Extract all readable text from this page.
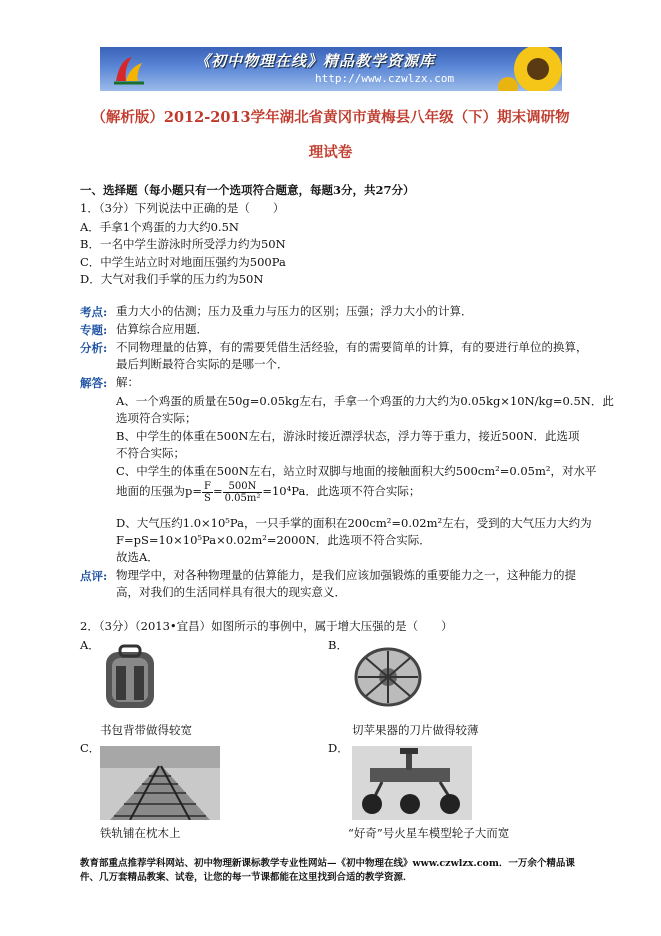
《初中物理在线》精品教学资源库
http://www.czwlzx.com
（解析版）2012-2013学年湖北省黄冈市黄梅县八年级（下）期末调研物
理试卷
一、选择题（每小题只有一个选项符合题意，每题3分，共27分）
1．（3分）下列说法中正确的是（　　）
A．手拿1个鸡蛋的力大约0.5N
B．一名中学生游泳时所受浮力约为50N
C．中学生站立时对地面压强约为500Pa
D．大气对我们手掌的压力约为50N
考点: 重力大小的估测；压力及重力与压力的区别；压强；浮力大小的计算．
专题: 估算综合应用题．
分析: 不同物理量的估算，有的需要凭借生活经验，有的需要简单的计算，有的要进行单位的换算，
最后判断最符合实际的是哪一个．
解答: 解：
A、一个鸡蛋的质量在50g=0.05kg左右，手拿一个鸡蛋的力大约为0.05kg×10N/kg=0.5N．此
选项符合实际；
B、中学生的体重在500N左右，游泳时接近漂浮状态，浮力等于重力，接近500N．此选项
不符合实际；
C、中学生的体重在500N左右，站立时双脚与地面的接触面积大约500cm²=0.05m²，对水平
地面的压强为$p= \frac{F}{S} = \frac{500N}{\text{0.05m²}} =10^4Pa$．此选项不符合实际；
D、大气压约1.0×10⁵Pa，一只手掌的面积在200cm²=0.02m²左右，受到的大气压力大约为
F=pS=10×10⁵Pa×0.02m²=2000N．此选项不符合实际．
故选A．
点评: 物理学中，对各种物理量的估算能力，是我们应该加强锻炼的重要能力之一，这种能力的提
高，对我们的生活同样具有很大的现实意义．
2．（3分）（2013•宜昌）如图所示的事例中，属于增大压强的是（　　）
A．	B．
书包背带做得较宽	切苹果器的刀片做得较薄
C．	D．
铁轨铺在枕木上	“好奇”号火星车模型轮子大而宽
教育部重点推荐学科网站、初中物理新课标教学专业性网站—《初中物理在线》www.czwlzx.com．一万余个精品课
件、几万套精品教案、试卷，让您的每一节课都能在这里找到合适的教学资源．
